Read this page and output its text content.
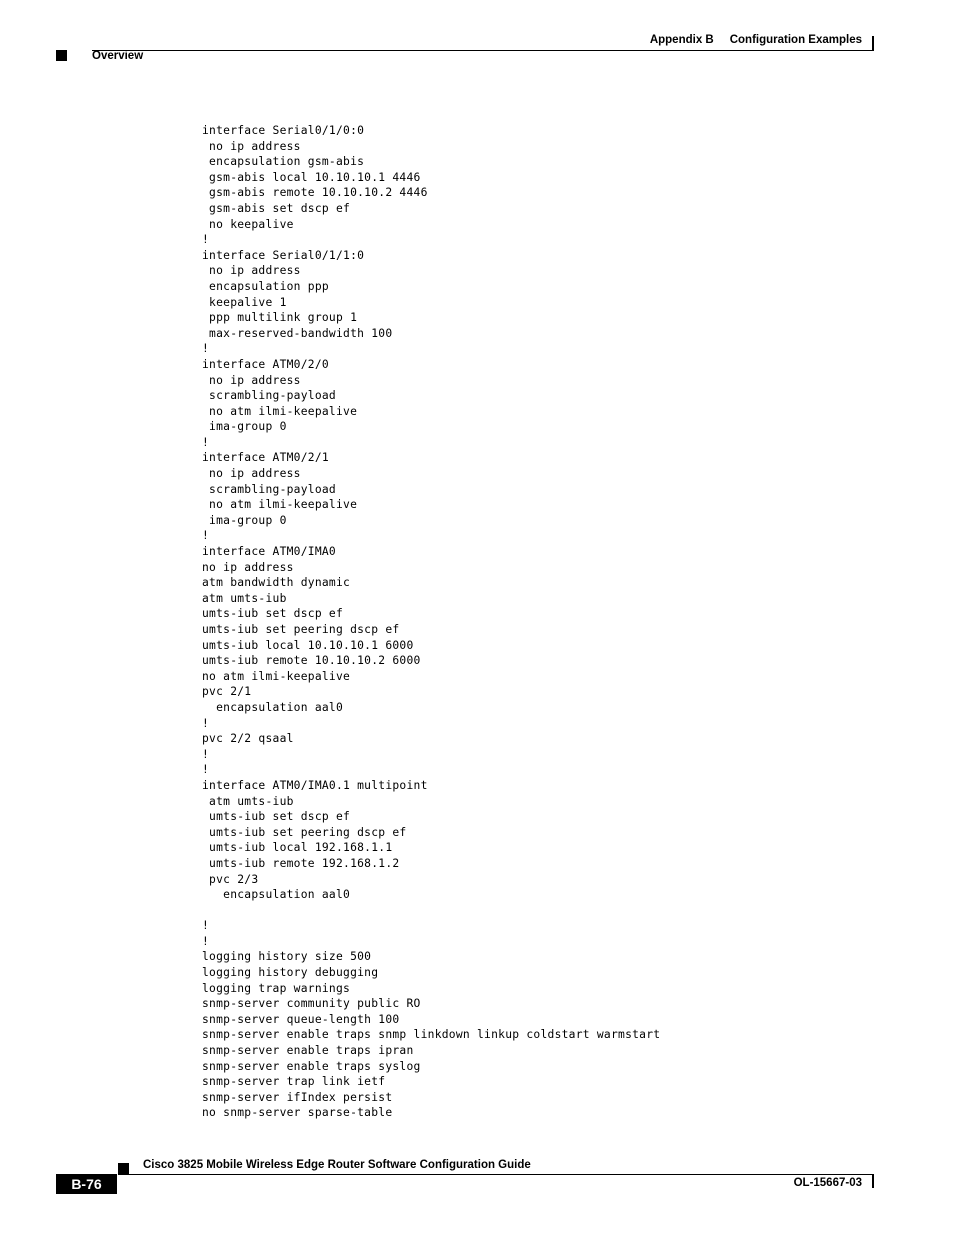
Appendix B Configuration Examples
Overview
interface Serial0/1/0:0
no ip address
encapsulation gsm-abis
gsm-abis local 10.10.10.1 4446
gsm-abis remote 10.10.10.2 4446
gsm-abis set dscp ef
no keepalive
!
interface Serial0/1/1:0
no ip address
encapsulation ppp
keepalive 1
ppp multilink group 1
max-reserved-bandwidth 100
!
interface ATM0/2/0
no ip address
scrambling-payload
no atm ilmi-keepalive
ima-group 0
!
interface ATM0/2/1
no ip address
scrambling-payload
no atm ilmi-keepalive
ima-group 0
!
interface ATM0/IMA0
no ip address
atm bandwidth dynamic
atm umts-iub
umts-iub set dscp ef
umts-iub set peering dscp ef
umts-iub local 10.10.10.1 6000
umts-iub remote 10.10.10.2 6000
no atm ilmi-keepalive
pvc 2/1
encapsulation aal0
!
pvc 2/2 qsaal
!
!
interface ATM0/IMA0.1 multipoint
atm umts-iub
umts-iub set dscp ef
umts-iub set peering dscp ef
umts-iub local 192.168.1.1
umts-iub remote 192.168.1.2
pvc 2/3
encapsulation aal0
!
!
logging history size 500
logging history debugging
logging trap warnings
snmp-server community public RO
snmp-server queue-length 100
snmp-server enable traps snmp linkdown linkup coldstart warmstart
snmp-server enable traps ipran
snmp-server enable traps syslog
snmp-server trap link ietf
snmp-server ifIndex persist
no snmp-server sparse-table
Cisco 3825 Mobile Wireless Edge Router Software Configuration Guide
B-76	OL-15667-03
